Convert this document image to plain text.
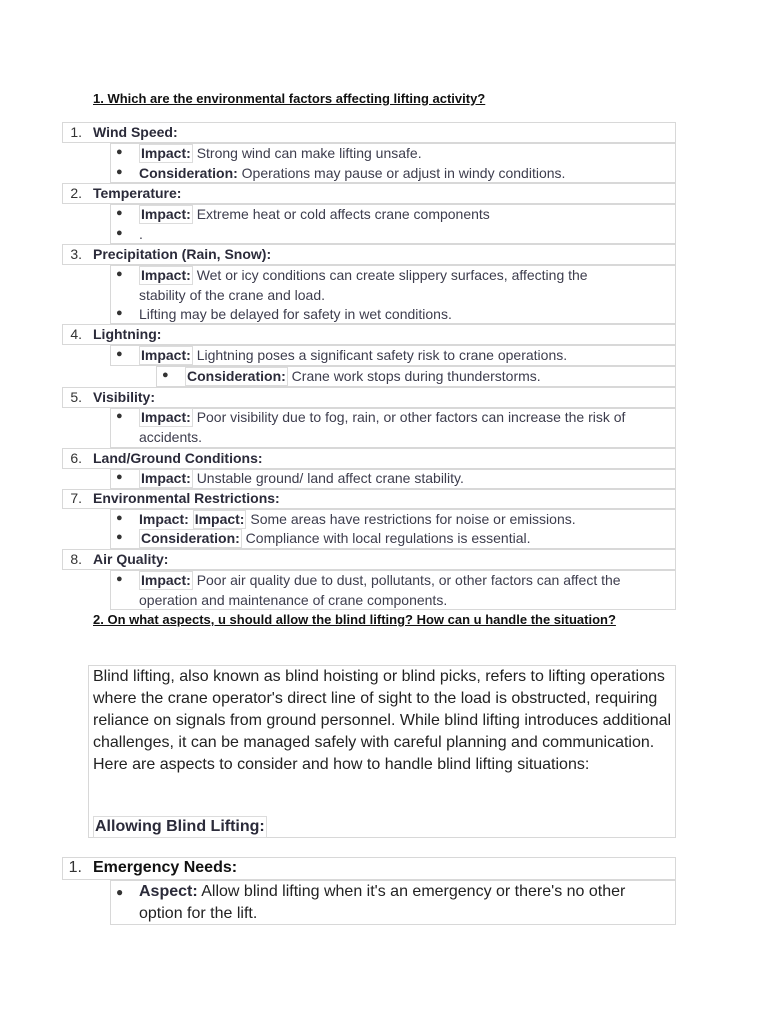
1. Which are the environmental factors affecting lifting activity?
1. Wind Speed:
● Impact: Strong wind can make lifting unsafe.
● Consideration: Operations may pause or adjust in windy conditions.
2. Temperature:
● Impact: Extreme heat or cold affects crane components
● .
3. Precipitation (Rain, Snow):
● Impact: Wet or icy conditions can create slippery surfaces, affecting the
stability of the crane and load.
● Lifting may be delayed for safety in wet conditions.
4. Lightning:
● Impact: Lightning poses a significant safety risk to crane operations.
● Consideration: Crane work stops during thunderstorms.
5. Visibility:
● Impact: Poor visibility due to fog, rain, or other factors can increase the risk of
accidents.
6. Land/Ground Conditions:
● Impact: Unstable ground/ land affect crane stability.
7. Environmental Restrictions:
● Impact: Impact: Some areas have restrictions for noise or emissions.
● Consideration: Compliance with local regulations is essential.
8. Air Quality:
● Impact: Poor air quality due to dust, pollutants, or other factors can affect the
operation and maintenance of crane components.
2. On what aspects, u should allow the blind lifting? How can u handle the situation?
Blind lifting, also known as blind hoisting or blind picks, refers to lifting operations where the crane operator's direct line of sight to the load is obstructed, requiring reliance on signals from ground personnel. While blind lifting introduces additional challenges, it can be managed safely with careful planning and communication. Here are aspects to consider and how to handle blind lifting situations:
Allowing Blind Lifting:
1. Emergency Needs:
● Aspect: Allow blind lifting when it's an emergency or there's no other
option for the lift.
